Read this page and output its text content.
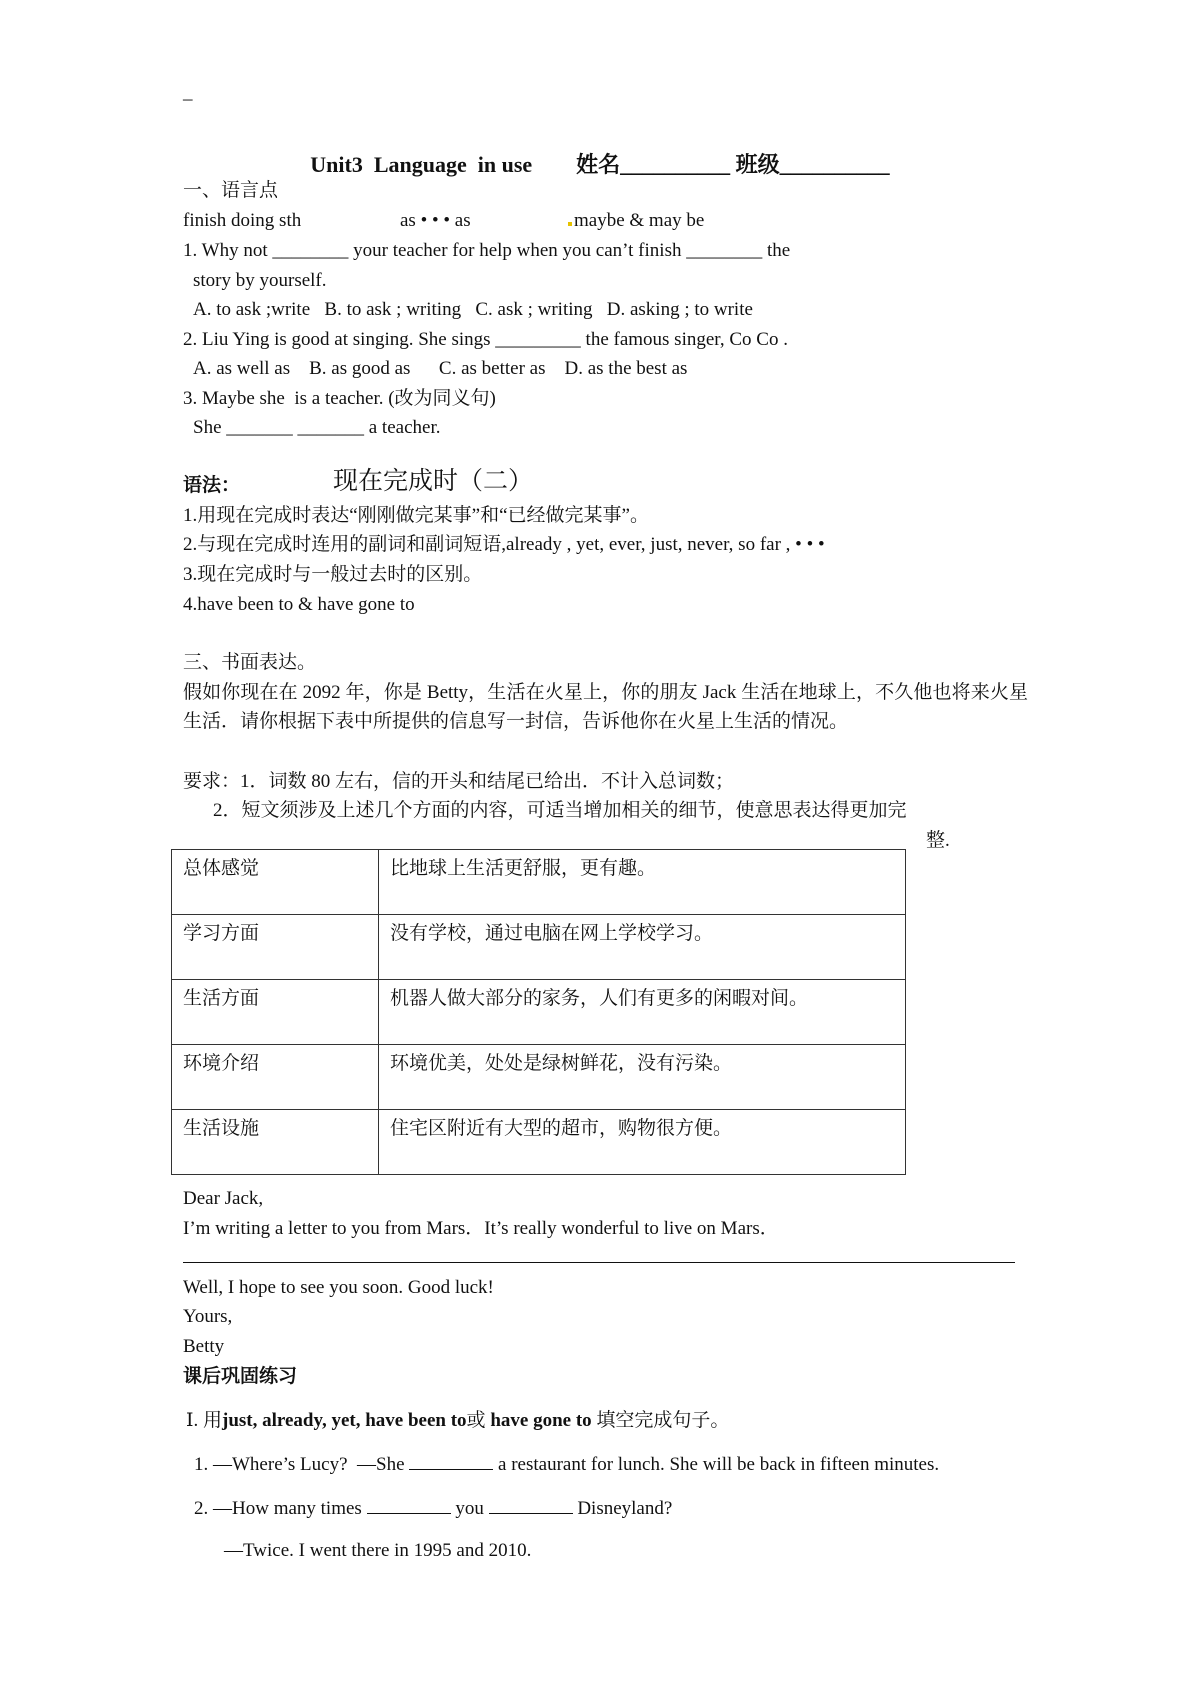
_
Unit3  Language  in use        姓名__________ 班级__________
一、语言点
finish doing sth	as • • • as	maybe & may be
1. Why not ________ your teacher for help when you can’t finish ________ the
story by yourself.
A. to ask ;write   B. to ask ; writing   C. ask ; writing   D. asking ; to write
2. Liu Ying is good at singing. She sings _________ the famous singer, Co Co .
A. as well as    B. as good as      C. as better as    D. as the best as
3. Maybe she  is a teacher. (改为同义句)
She _______ _______ a teacher.
语法：	现在完成时（二）
1.用现在完成时表达“刚刚做完某事”和“已经做完某事”。
2.与现在完成时连用的副词和副词短语,already , yet, ever, just, never, so far , • • •
3.现在完成时与一般过去时的区别。
4.have been to & have gone to
三、书面表达。
假如你现在在 2092 年，你是 Betty，生活在火星上，你的朋友 Jack 生活在地球上，不久他也将来火星生活．请你根据下表中所提供的信息写一封信，告诉他你在火星上生活的情况。
要求：1．词数 80 左右，信的开头和结尾已给出．不计入总词数；
2．短文须涉及上述几个方面的内容，可适当增加相关的细节，使意思表达得更加完
整.
总体感觉	比地球上生活更舒服，更有趣。
学习方面	没有学校，通过电脑在网上学校学习。
生活方面	机器人做大部分的家务，人们有更多的闲暇对间。
环境介绍	环境优美，处处是绿树鲜花，没有污染。
生活设施	住宅区附近有大型的超市，购物很方便。
Dear Jack,
I’m writing a letter to you from Mars．It’s really wonderful to live on Mars．
Well, I hope to see you soon. Good luck!
Yours,
Betty
课后巩固练习
Ⅰ. 用just, already, yet, have been to或 have gone to 填空完成句子。
1. —Where’s Lucy?  —She	a restaurant for lunch. She will be back in fifteen minutes.
2. —How many times	you	Disneyland?
—Twice. I went there in 1995 and 2010.
